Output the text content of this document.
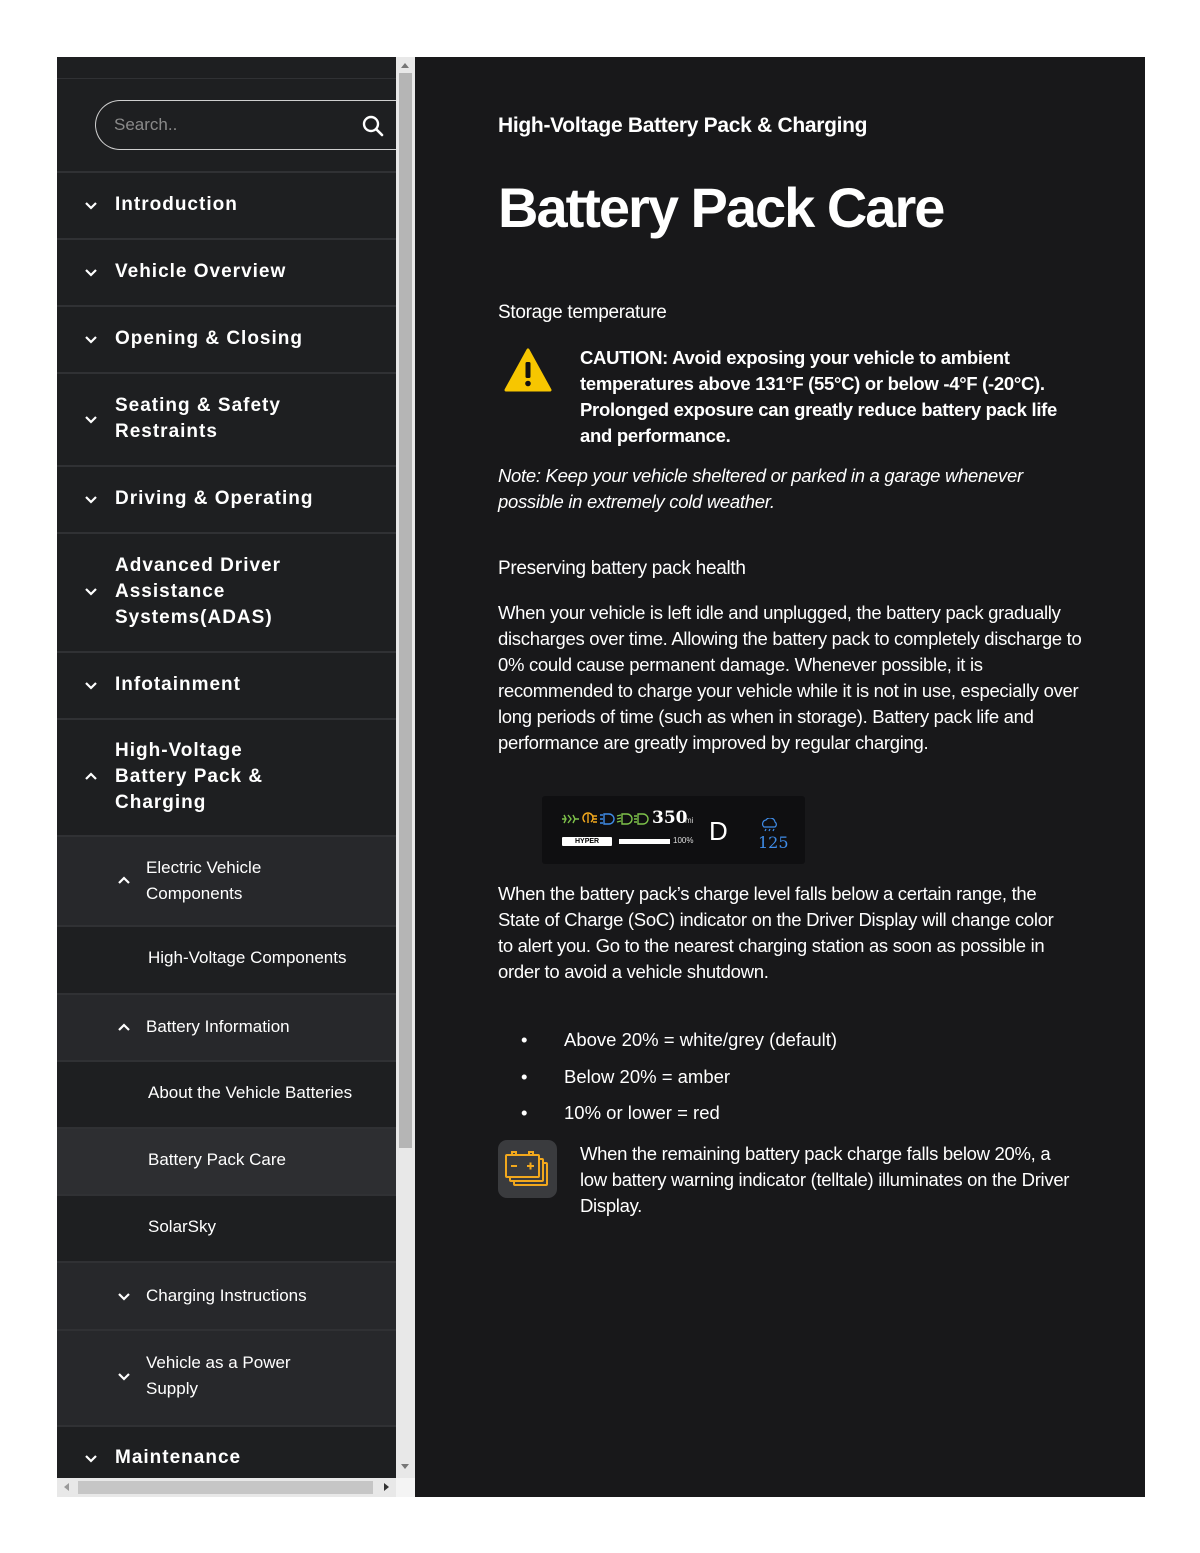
Search..
Introduction
Vehicle Overview
Opening & Closing
Seating & Safety Restraints
Driving & Operating
Advanced Driver Assistance Systems(ADAS)
Infotainment
High-Voltage Battery Pack & Charging
Electric Vehicle Components
High-Voltage Components
Battery Information
About the Vehicle Batteries
Battery Pack Care
SolarSky
Charging Instructions
Vehicle as a Power Supply
Maintenance
High-Voltage Battery Pack & Charging
Battery Pack Care
Storage temperature

CAUTION: Avoid exposing your vehicle to ambient temperatures above 131°F (55°C) or below -4°F (-20°C). Prolonged exposure can greatly reduce battery pack life and performance.

Note: Keep your vehicle sheltered or parked in a garage whenever possible in extremely cold weather.

Preserving battery pack health

When your vehicle is left idle and unplugged, the battery pack gradually discharges over time. Allowing the battery pack to completely discharge to 0% could cause permanent damage. Whenever possible, it is recommended to charge your vehicle while it is not in use, especially over long periods of time (such as when in storage). Battery pack life and performance are greatly improved by regular charging.

350
mi
HYPER	100% D 125

When the battery pack’s charge level falls below a certain range, the State of Charge (SoC) indicator on the Driver Display will change color to alert you. Go to the nearest charging station as soon as possible in order to avoid a vehicle shutdown.

• Above 20% = white/grey (default)
• Below 20% = amber
• 10% or lower = red

When the remaining battery pack charge falls below 20%, a low battery warning indicator (telltale) illuminates on the Driver Display.
